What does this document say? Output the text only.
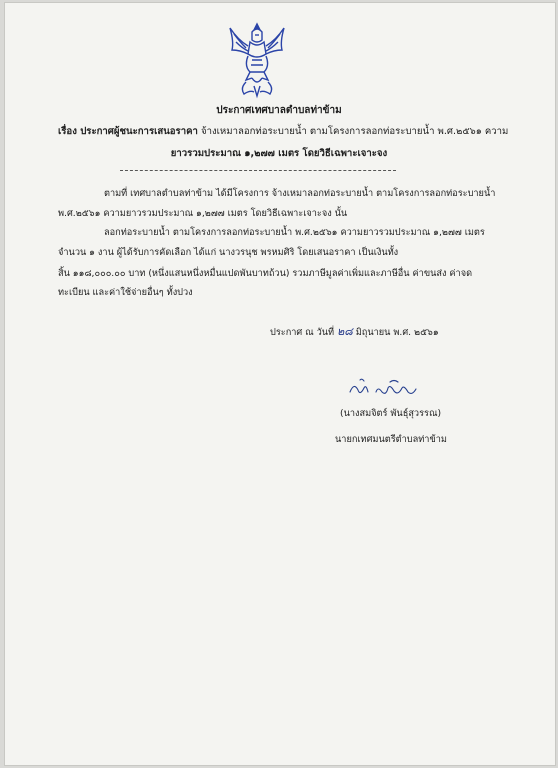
ประกาศเทศบาลตำบลท่าข้าม
เรื่อง ประกาศผู้ชนะการเสนอราคา จ้างเหมาลอกท่อระบายน้ำ ตามโครงการลอกท่อระบายน้ำ พ.ศ.๒๕๖๑ ความ
ยาวรวมประมาณ ๑,๒๗๗ เมตร โดยวิธีเฉพาะเจาะจง
ตามที่ เทศบาลตำบลท่าข้าม ได้มีโครงการ จ้างเหมาลอกท่อระบายน้ำ ตามโครงการลอกท่อระบายน้ำ
พ.ศ.๒๕๖๑ ความยาวรวมประมาณ ๑,๒๗๗ เมตร โดยวิธีเฉพาะเจาะจง นั้น
ลอกท่อระบายน้ำ ตามโครงการลอกท่อระบายน้ำ พ.ศ.๒๕๖๑ ความยาวรวมประมาณ ๑,๒๗๗ เมตร
จำนวน ๑ งาน ผู้ได้รับการคัดเลือก ได้แก่ นางวรนุช พรหมศิริ โดยเสนอราคา เป็นเงินทั้ง
สิ้น ๑๑๘,๐๐๐.๐๐ บาท (หนึ่งแสนหนึ่งหมื่นแปดพันบาทถ้วน) รวมภาษีมูลค่าเพิ่มและภาษีอื่น ค่าขนส่ง ค่าจด
ทะเบียน และค่าใช้จ่ายอื่นๆ ทั้งปวง
ประกาศ ณ วันที่ ๒๘ มิถุนายน พ.ศ. ๒๕๖๑
(นางสมจิตร์ พันธุ์สุวรรณ)
นายกเทศมนตรีตำบลท่าข้าม
